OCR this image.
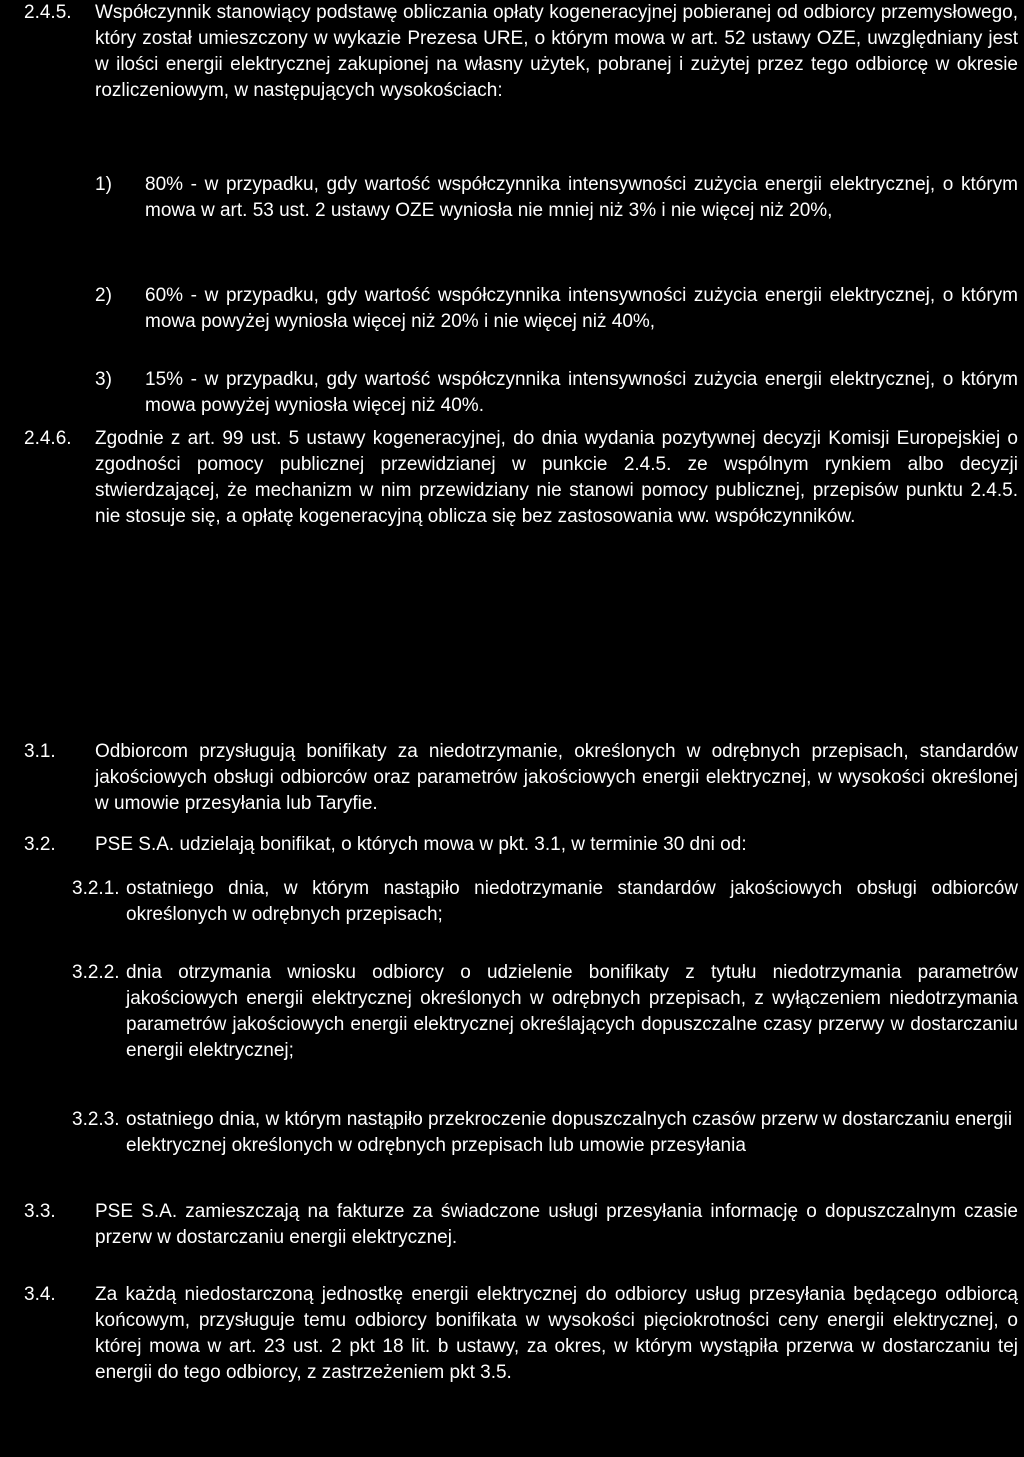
2.4.5.	Współczynnik stanowiący podstawę obliczania opłaty kogeneracyjnej pobieranej od odbiorcy przemysłowego, który został umieszczony w wykazie Prezesa URE, o którym mowa w art. 52 ustawy OZE, uwzględniany jest w ilości energii elektrycznej zakupionej na własny użytek, pobranej i zużytej przez tego odbiorcę w okresie rozliczeniowym, w następujących wysokościach:
1)	80% - w przypadku, gdy wartość współczynnika intensywności zużycia energii elektrycznej, o którym mowa w art. 53 ust. 2 ustawy OZE wyniosła nie mniej niż 3% i nie więcej niż 20%,
2)	60% - w przypadku, gdy wartość współczynnika intensywności zużycia energii elektrycznej, o którym mowa powyżej wyniosła więcej niż 20% i nie więcej niż 40%,
3)	15% - w przypadku, gdy wartość współczynnika intensywności zużycia energii elektrycznej, o którym mowa powyżej wyniosła więcej niż 40%.
2.4.6.	Zgodnie z art. 99 ust. 5 ustawy kogeneracyjnej, do dnia wydania pozytywnej decyzji Komisji Europejskiej o zgodności pomocy publicznej przewidzianej w punkcie 2.4.5. ze wspólnym rynkiem albo decyzji stwierdzającej, że mechanizm w nim przewidziany nie stanowi pomocy publicznej, przepisów punktu 2.4.5. nie stosuje się, a opłatę kogeneracyjną oblicza się bez zastosowania ww. współczynników.
3.1.	Odbiorcom przysługują bonifikaty za niedotrzymanie, określonych w odrębnych przepisach, standardów jakościowych obsługi odbiorców oraz parametrów jakościowych energii elektrycznej, w wysokości określonej w umowie przesyłania lub Taryfie.
3.2.	PSE S.A. udzielają bonifikat, o których mowa w pkt. 3.1, w terminie 30 dni od:
3.2.1. ostatniego dnia, w którym nastąpiło niedotrzymanie standardów jakościowych obsługi odbiorców określonych w odrębnych przepisach;
3.2.2. dnia otrzymania wniosku odbiorcy o udzielenie bonifikaty z tytułu niedotrzymania parametrów jakościowych energii elektrycznej określonych w odrębnych przepisach, z wyłączeniem niedotrzymania parametrów jakościowych energii elektrycznej określających dopuszczalne czasy przerwy w dostarczaniu energii elektrycznej;
3.2.3. ostatniego dnia, w którym nastąpiło przekroczenie dopuszczalnych czasów przerw w dostarczaniu energii elektrycznej określonych w odrębnych przepisach lub umowie przesyłania
3.3.	PSE S.A. zamieszczają na fakturze za świadczone usługi przesyłania informację o dopuszczalnym czasie przerw w dostarczaniu energii elektrycznej.
3.4.	Za każdą niedostarczoną jednostkę energii elektrycznej do odbiorcy usług przesyłania będącego odbiorcą końcowym, przysługuje temu odbiorcy bonifikata w wysokości pięciokrotności ceny energii elektrycznej, o której mowa w art. 23 ust. 2 pkt 18 lit. b ustawy, za okres, w którym wystąpiła przerwa w dostarczaniu tej energii do tego odbiorcy, z zastrzeżeniem pkt 3.5.
